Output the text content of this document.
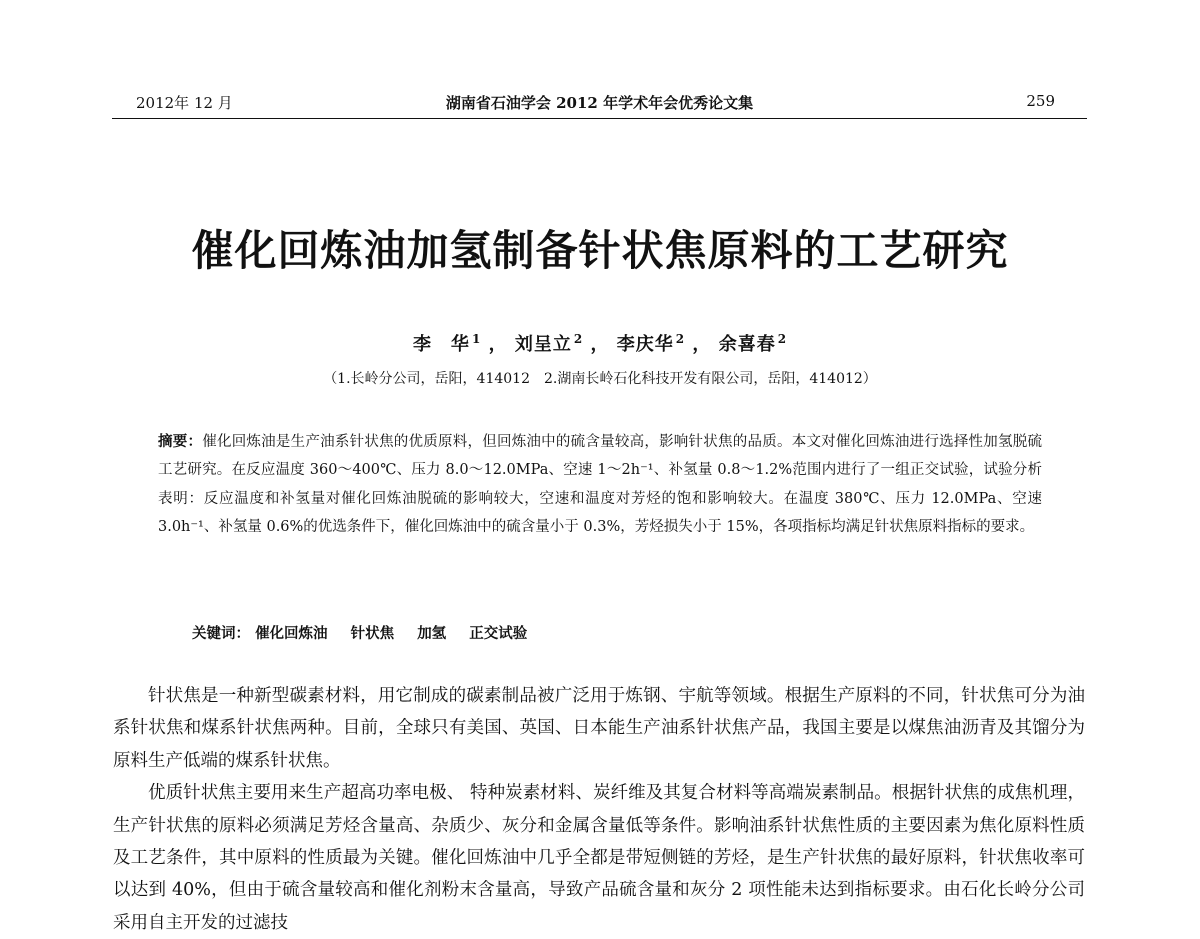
2012年 12 月	湖南省石油学会 2012 年学术年会优秀论文集	259
催化回炼油加氢制备针状焦原料的工艺研究
李　华 $^1$ ， 刘呈立 $^2$ ， 李庆华 $^2$ ， 余喜春 $^2$
（1.长岭分公司，岳阳，414012　2.湖南长岭石化科技开发有限公司，岳阳，414012）

摘要：催化回炼油是生产油系针状焦的优质原料，但回炼油中的硫含量较高，影响针状焦的品质。本文对催化回炼油进行选择性加氢脱硫工艺研究。在反应温度 360～400℃、压力 8.0～12.0MPa、空速 1～2h⁻¹、补氢量 0.8～1.2%范围内进行了一组正交试验，试验分析表明：反应温度和补氢量对催化回炼油脱硫的影响较大，空速和温度对芳烃的饱和影响较大。在温度 380℃、压力 12.0MPa、空速 3.0h⁻¹、补氢量 0.6%的优选条件下，催化回炼油中的硫含量小于 0.3%，芳烃损失小于 15%，各项指标均满足针状焦原料指标的要求。

关键词： 催化回炼油 针状焦 加氢 正交试验

针状焦是一种新型碳素材料，用它制成的碳素制品被广泛用于炼钢、宇航等领域。根据生产原料的不同，针状焦可分为油系针状焦和煤系针状焦两种。目前，全球只有美国、英国、日本能生产油系针状焦产品，我国主要是以煤焦油沥青及其馏分为原料生产低端的煤系针状焦。

优质针状焦主要用来生产超高功率电极、 特种炭素材料、炭纤维及其复合材料等高端炭素制品。根据针状焦的成焦机理，生产针状焦的原料必须满足芳烃含量高、杂质少、灰分和金属含量低等条件。影响油系针状焦性质的主要因素为焦化原料性质及工艺条件，其中原料的性质最为关键。催化回炼油中几乎全都是带短侧链的芳烃，是生产针状焦的最好原料，针状焦收率可以达到 40%，但由于硫含量较高和催化剂粉末含量高，导致产品硫含量和灰分 2 项性能未达到指标要求。由石化长岭分公司采用自主开发的过滤技
